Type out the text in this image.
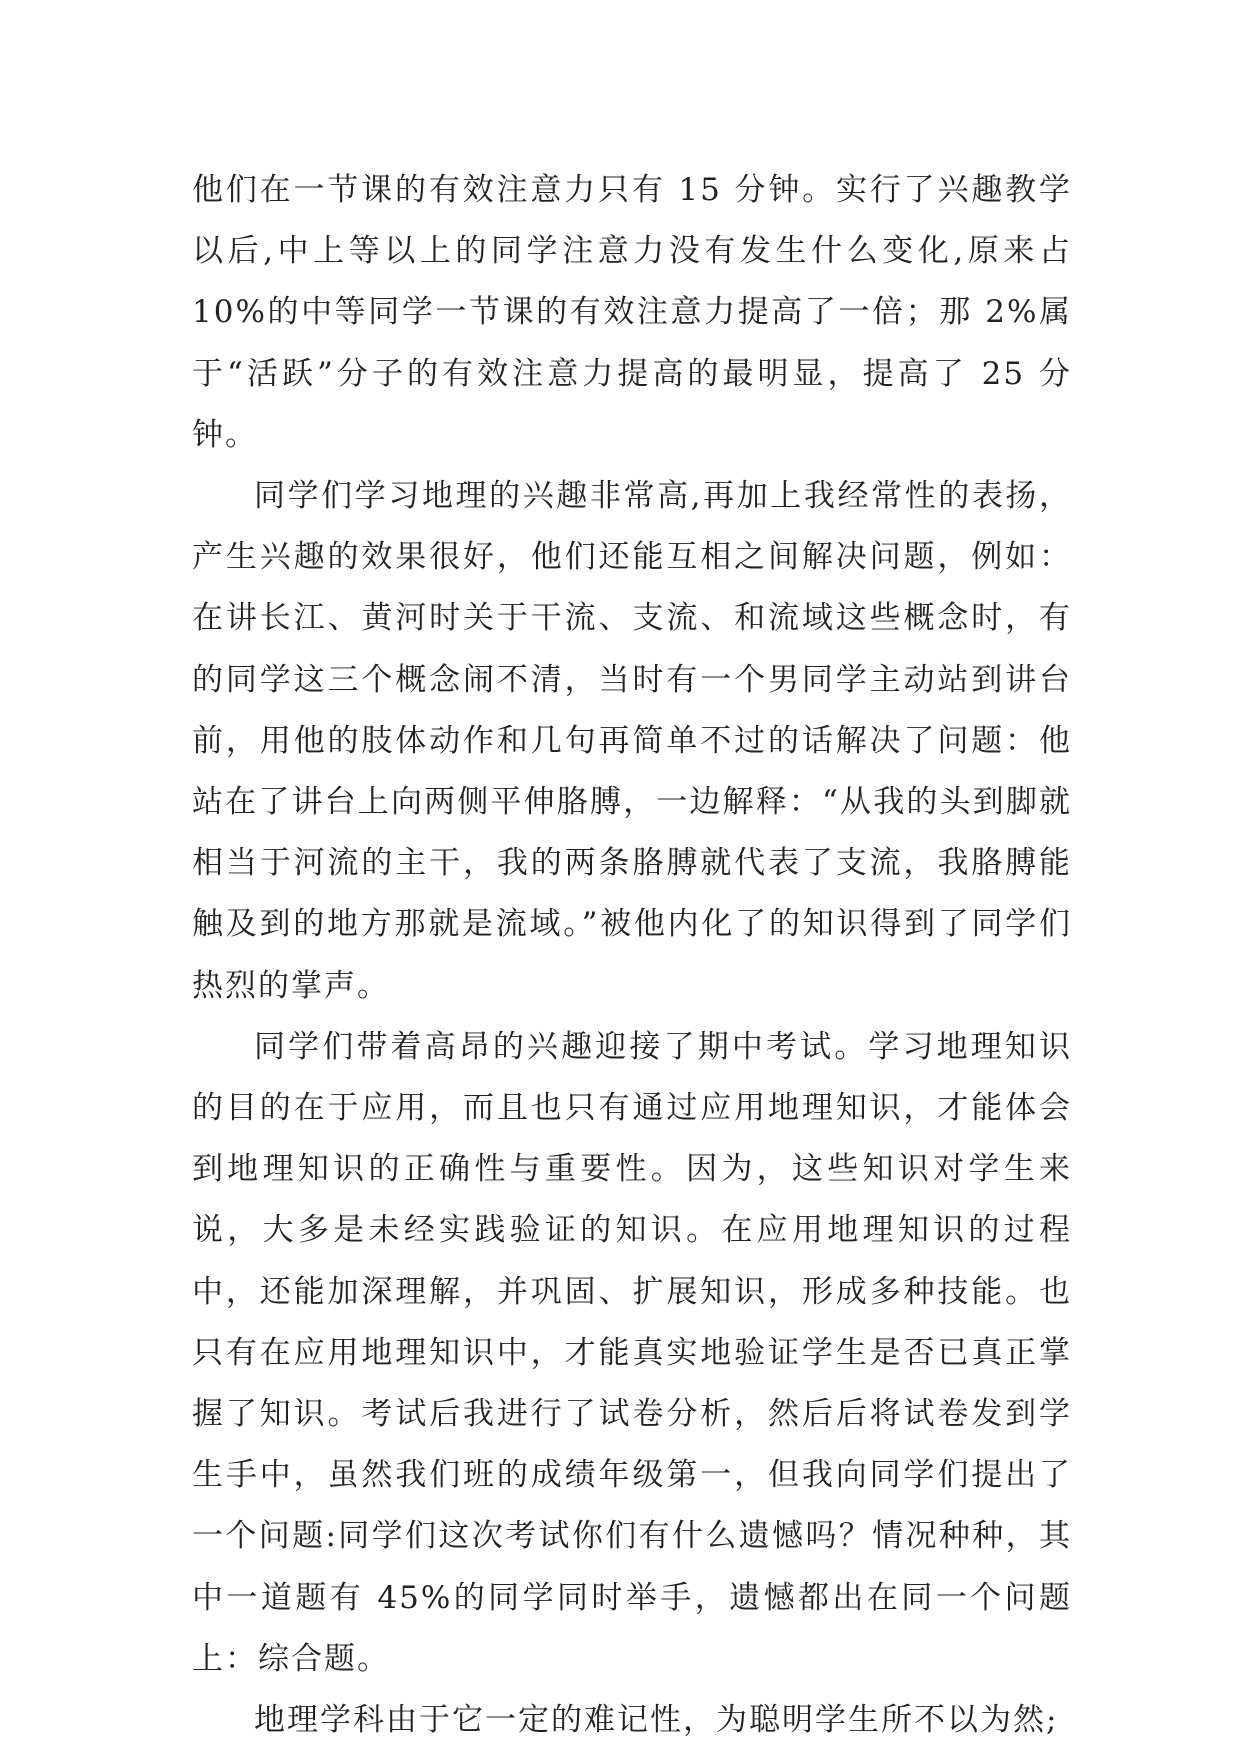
他们在一节课的有效注意力只有 15 分钟。实行了兴趣教学以后,中上等以上的同学注意力没有发生什么变化,原来占 10%的中等同学一节课的有效注意力提高了一倍；那 2%属于“活跃”分子的有效注意力提高的最明显，提高了 25 分钟。

同学们学习地理的兴趣非常高,再加上我经常性的表扬，产生兴趣的效果很好，他们还能互相之间解决问题，例如：在讲长江、黄河时关于干流、支流、和流域这些概念时，有的同学这三个概念闹不清，当时有一个男同学主动站到讲台前，用他的肢体动作和几句再简单不过的话解决了问题：他站在了讲台上向两侧平伸胳膊，一边解释：“从我的头到脚就相当于河流的主干，我的两条胳膊就代表了支流，我胳膊能触及到的地方那就是流域。”被他内化了的知识得到了同学们热烈的掌声。

同学们带着高昂的兴趣迎接了期中考试。学习地理知识的目的在于应用，而且也只有通过应用地理知识，才能体会到地理知识的正确性与重要性。因为，这些知识对学生来说，大多是未经实践验证的知识。在应用地理知识的过程中，还能加深理解，并巩固、扩展知识，形成多种技能。也只有在应用地理知识中，才能真实地验证学生是否已真正掌握了知识。考试后我进行了试卷分析，然后后将试卷发到学生手中，虽然我们班的成绩年级第一，但我向同学们提出了一个问题:同学们这次考试你们有什么遗憾吗？情况种种，其中一道题有 45%的同学同时举手，遗憾都出在同一个问题上：综合题。

地理学科由于它一定的难记性，为聪明学生所不以为然;
